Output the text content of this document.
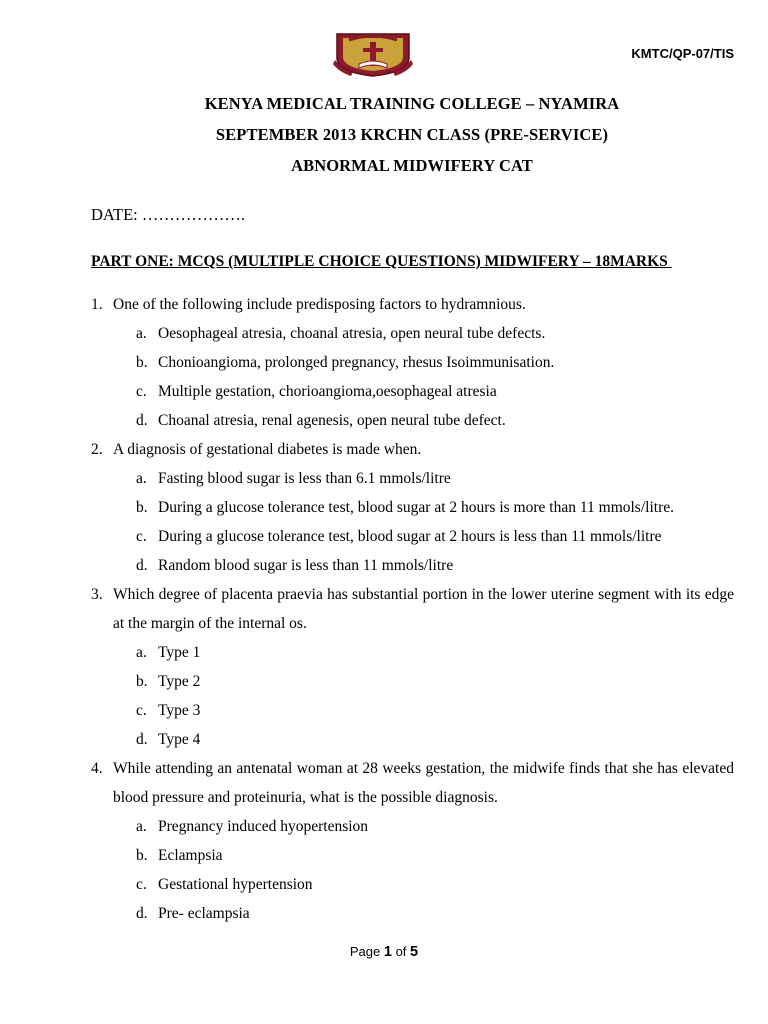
KMTC/QP-07/TIS
KENYA MEDICAL TRAINING COLLEGE – NYAMIRA
SEPTEMBER 2013 KRCHN CLASS (PRE-SERVICE)
ABNORMAL MIDWIFERY CAT
DATE: ……………….
PART ONE: MCQS (MULTIPLE CHOICE QUESTIONS) MIDWIFERY – 18MARKS
1. One of the following include predisposing factors to hydramnious.
a. Oesophageal atresia, choanal atresia, open neural tube defects.
b. Chonioangioma, prolonged pregnancy, rhesus Isoimmunisation.
c. Multiple gestation, chorioangioma,oesophageal atresia
d. Choanal atresia, renal agenesis, open neural tube defect.
2. A diagnosis of gestational diabetes is made when.
a. Fasting blood sugar is less than 6.1 mmols/litre
b. During a glucose tolerance test, blood sugar at 2 hours is more than 11 mmols/litre.
c. During a glucose tolerance test, blood sugar at 2 hours is less than 11 mmols/litre
d. Random blood sugar is less than 11 mmols/litre
3. Which degree of placenta praevia has substantial portion in the lower uterine segment with its edge at the margin of the internal os.
a. Type 1
b. Type 2
c. Type 3
d. Type 4
4. While attending an antenatal woman at 28 weeks gestation, the midwife finds that she has elevated blood pressure and proteinuria, what is the possible diagnosis.
a. Pregnancy induced hyopertension
b. Eclampsia
c. Gestational hypertension
d. Pre- eclampsia
Page 1 of 5
